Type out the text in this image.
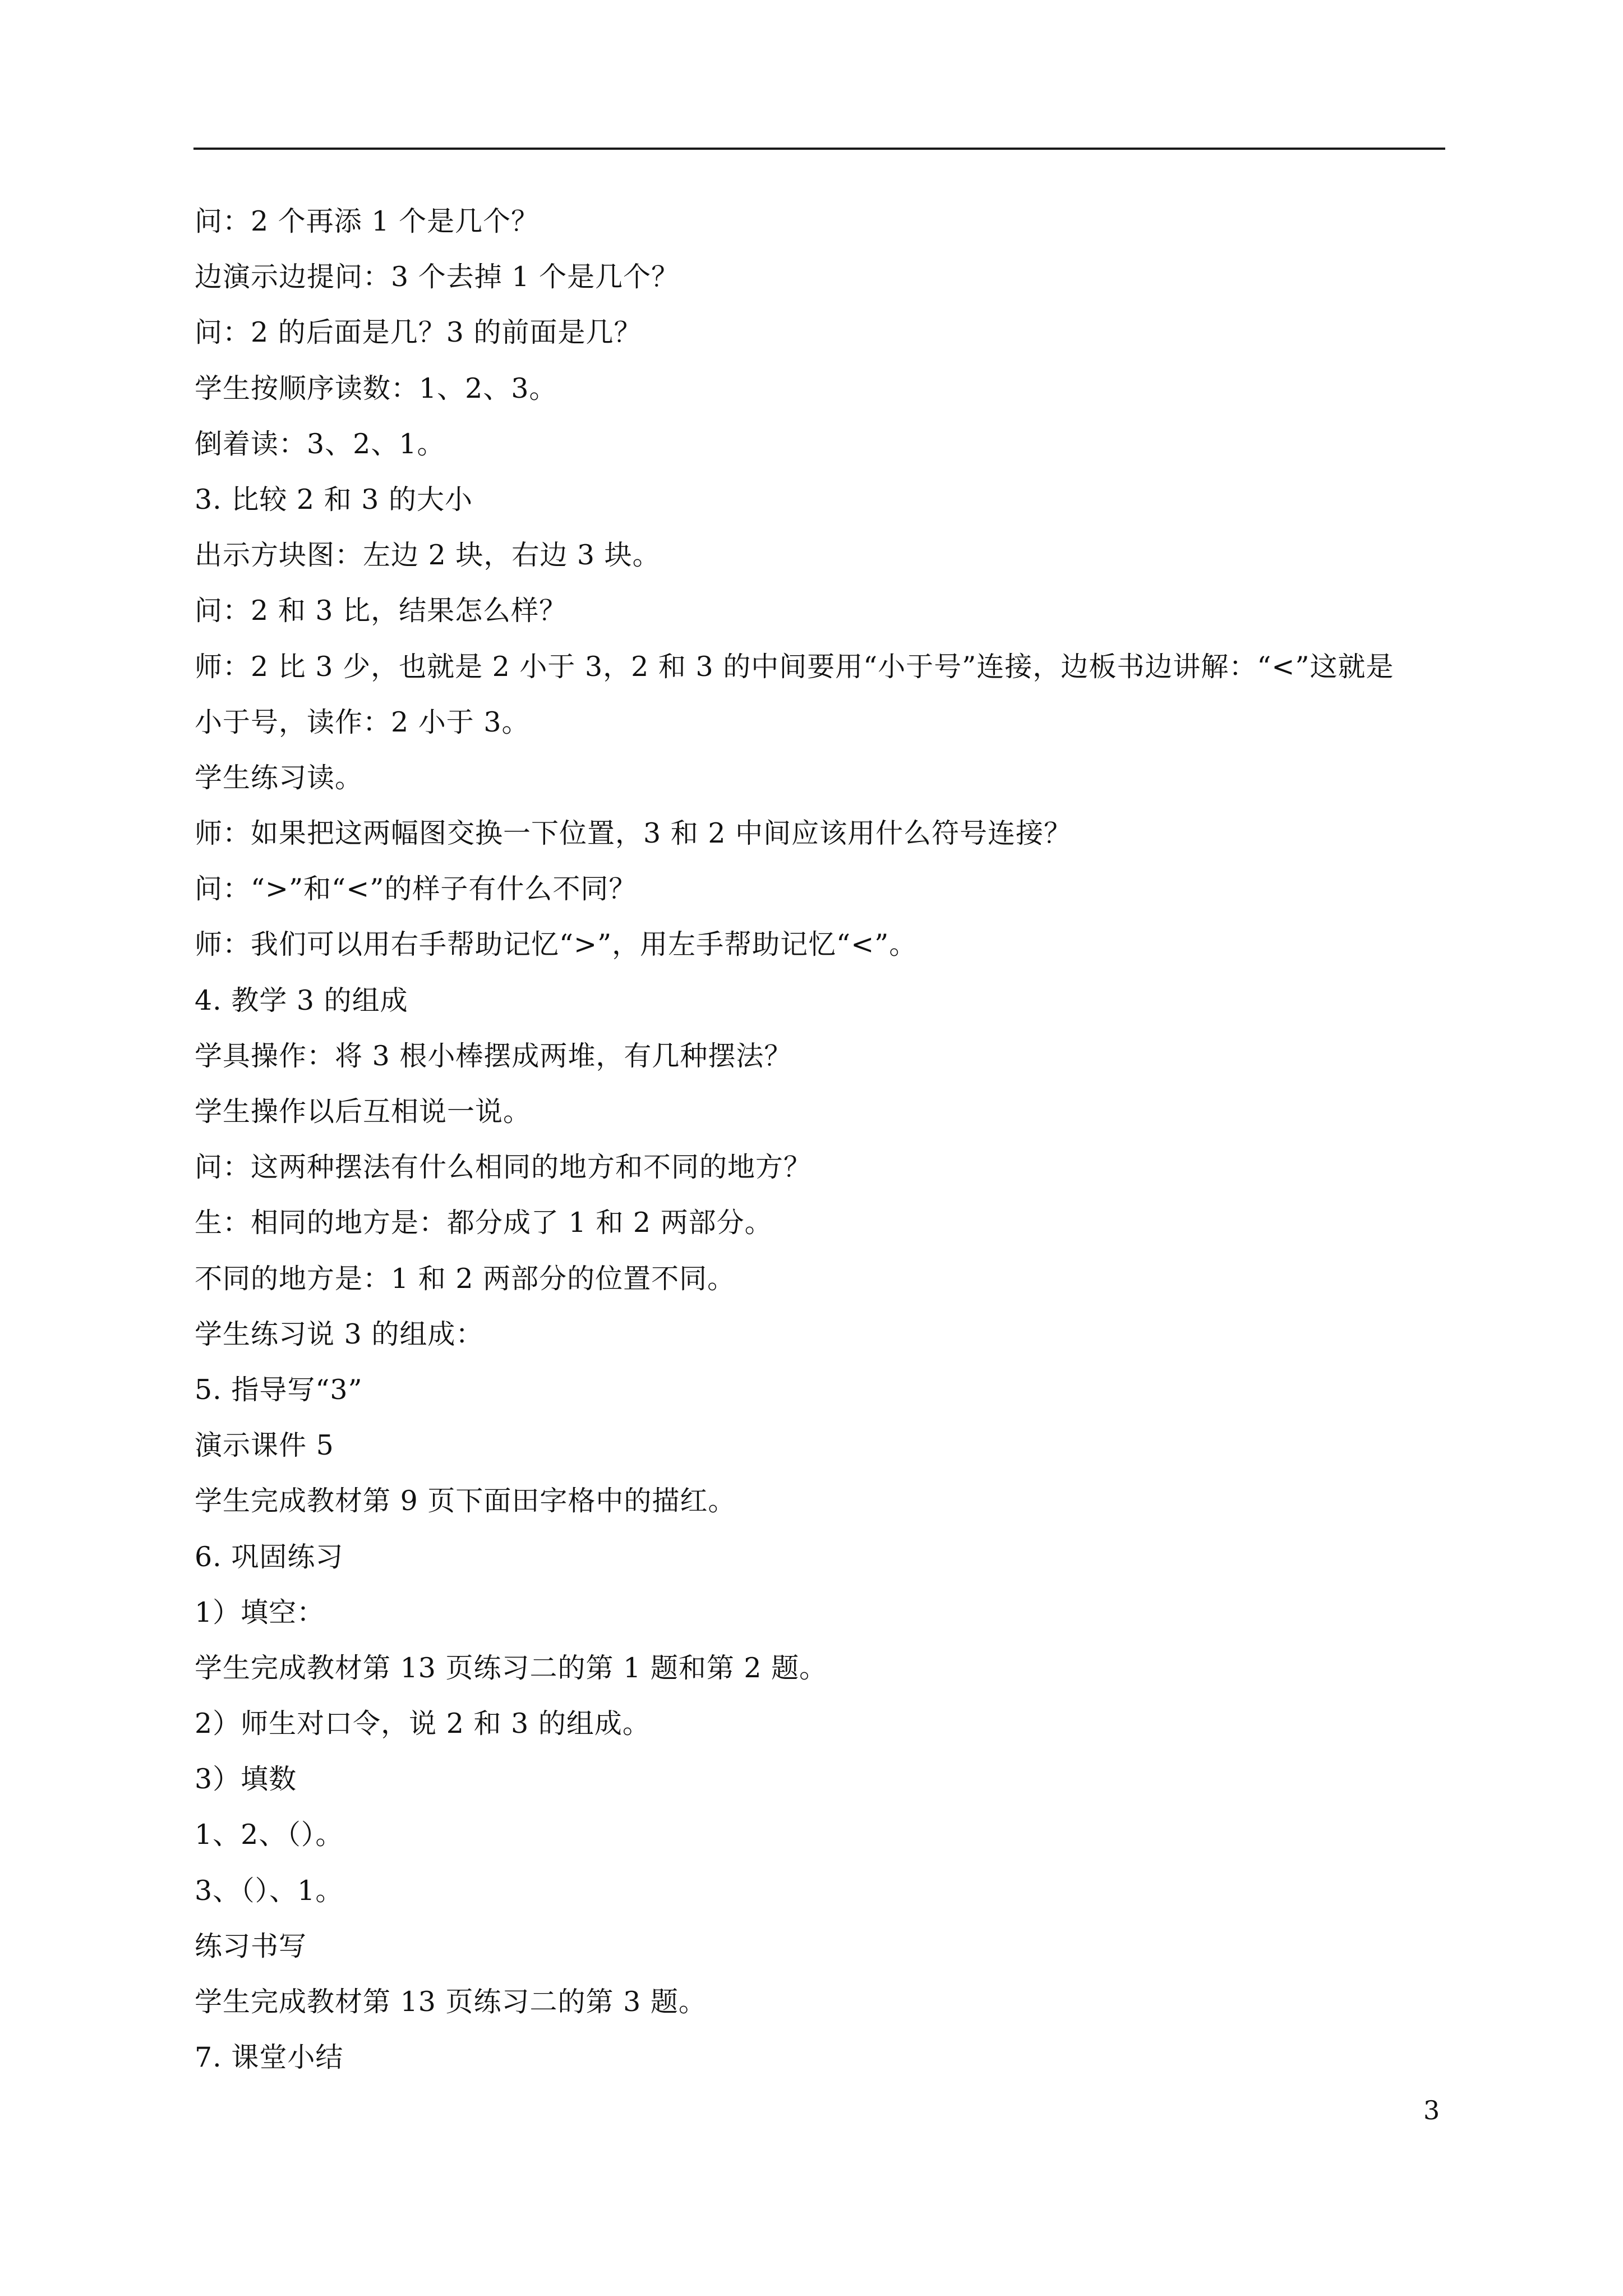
问：2 个再添 1 个是几个？
边演示边提问：3 个去掉 1 个是几个？
问：2 的后面是几？3 的前面是几？
学生按顺序读数：1、2、3。
倒着读：3、2、1。
3. 比较 2 和 3 的大小
出示方块图：左边 2 块，右边 3 块。
问：2 和 3 比，结果怎么样？
师：2 比 3 少，也就是 2 小于 3，2 和 3 的中间要用“小于号”连接，边板书边讲解：“<”这就是
小于号，读作：2 小于 3。
学生练习读。
师：如果把这两幅图交换一下位置，3 和 2 中间应该用什么符号连接？
问：“>”和“<”的样子有什么不同？
师：我们可以用右手帮助记忆“>”，用左手帮助记忆“<”。
4. 教学 3 的组成
学具操作：将 3 根小棒摆成两堆，有几种摆法？
学生操作以后互相说一说。
问：这两种摆法有什么相同的地方和不同的地方？
生：相同的地方是：都分成了 1 和 2 两部分。
不同的地方是：1 和 2 两部分的位置不同。
学生练习说 3 的组成：
5. 指导写“3”
演示课件 5
学生完成教材第 9 页下面田字格中的描红。
6. 巩固练习
1）填空：
学生完成教材第 13 页练习二的第 1 题和第 2 题。
2）师生对口令，说 2 和 3 的组成。
3）填数
1、2、（）。
3、（）、1。
练习书写
学生完成教材第 13 页练习二的第 3 题。
7. 课堂小结
3
